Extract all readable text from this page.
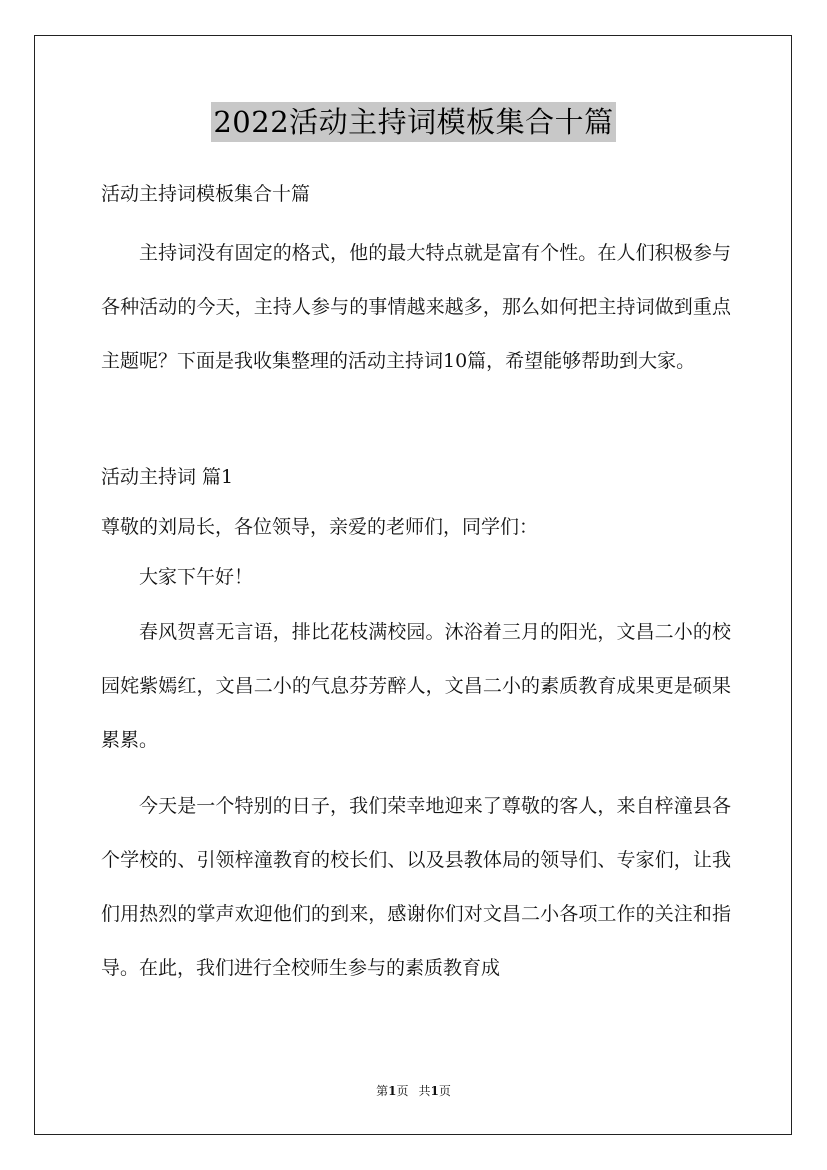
2022活动主持词模板集合十篇

活动主持词模板集合十篇

主持词没有固定的格式，他的最大特点就是富有个性。在人们积极参与各种活动的今天，主持人参与的事情越来越多，那么如何把主持词做到重点主题呢？下面是我收集整理的活动主持词10篇，希望能够帮助到大家。

活动主持词 篇1

尊敬的刘局长，各位领导，亲爱的老师们，同学们：

大家下午好！

春风贺喜无言语，排比花枝满校园。沐浴着三月的阳光，文昌二小的校园姹紫嫣红，文昌二小的气息芬芳醉人，文昌二小的素质教育成果更是硕果累累。

今天是一个特别的日子，我们荣幸地迎来了尊敬的客人，来自梓潼县各个学校的、引领梓潼教育的校长们、以及县教体局的领导们、专家们，让我们用热烈的掌声欢迎他们的到来，感谢你们对文昌二小各项工作的关注和指导。在此，我们进行全校师生参与的素质教育成

第1页 共1页
